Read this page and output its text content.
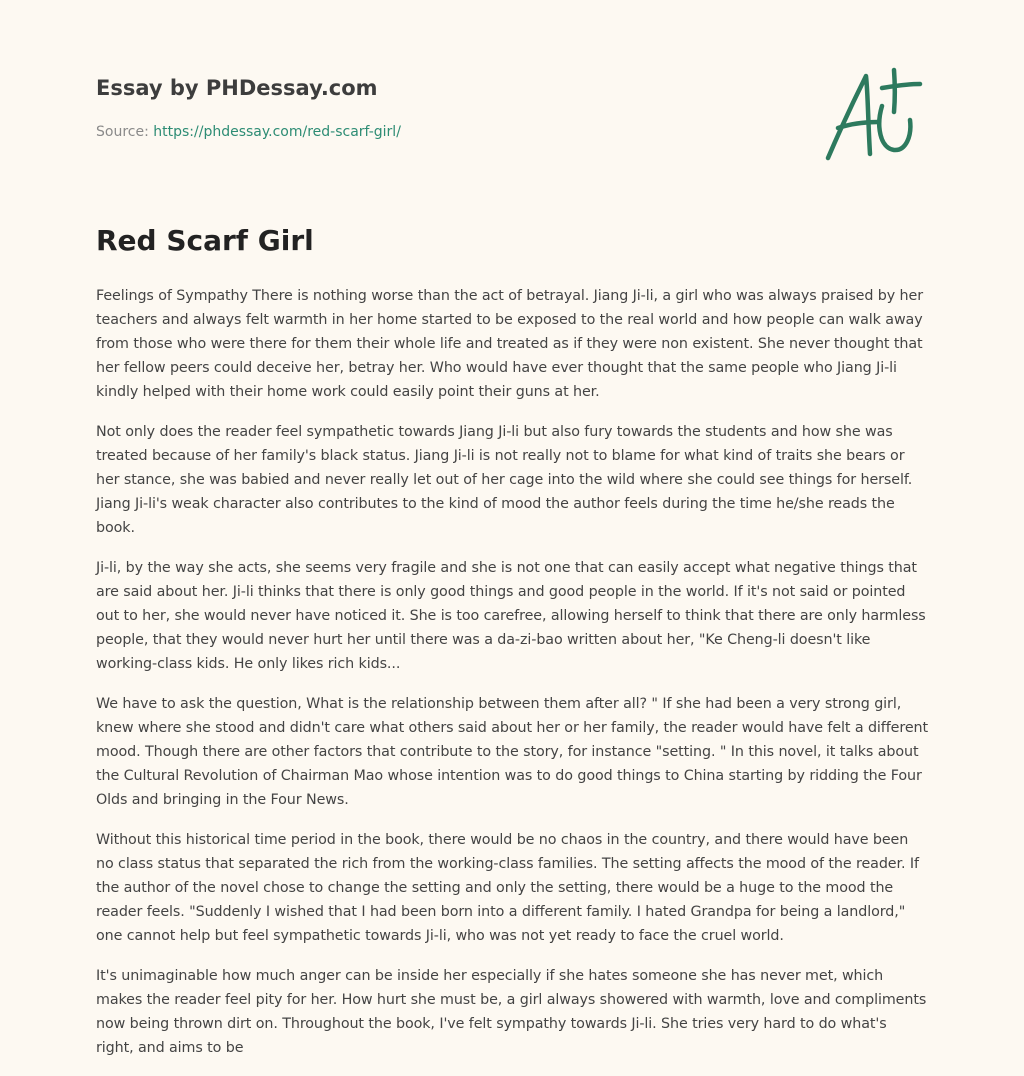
Essay by PHDessay.com
Source: https://phdessay.com/red-scarf-girl/
Red Scarf Girl

Feelings of Sympathy There is nothing worse than the act of betrayal. Jiang Ji-li, a girl who was always praised by her teachers and always felt warmth in her home started to be exposed to the real world and how people can walk away from those who were there for them their whole life and treated as if they were non existent. She never thought that her fellow peers could deceive her, betray her. Who would have ever thought that the same people who Jiang Ji-li kindly helped with their home work could easily point their guns at her.

Not only does the reader feel sympathetic towards Jiang Ji-li but also fury towards the students and how she was treated because of her family's black status. Jiang Ji-li is not really not to blame for what kind of traits she bears or her stance, she was babied and never really let out of her cage into the wild where she could see things for herself. Jiang Ji-li's weak character also contributes to the kind of mood the author feels during the time he/she reads the book.

Ji-li, by the way she acts, she seems very fragile and she is not one that can easily accept what negative things that are said about her. Ji-li thinks that there is only good things and good people in the world. If it's not said or pointed out to her, she would never have noticed it. She is too carefree, allowing herself to think that there are only harmless people, that they would never hurt her until there was a da-zi-bao written about her, "Ke Cheng-li doesn't like working-class kids. He only likes rich kids...

We have to ask the question, What is the relationship between them after all? " If she had been a very strong girl, knew where she stood and didn't care what others said about her or her family, the reader would have felt a different mood. Though there are other factors that contribute to the story, for instance "setting. " In this novel, it talks about the Cultural Revolution of Chairman Mao whose intention was to do good things to China starting by ridding the Four Olds and bringing in the Four News.

Without this historical time period in the book, there would be no chaos in the country, and there would have been no class status that separated the rich from the working-class families. The setting affects the mood of the reader. If the author of the novel chose to change the setting and only the setting, there would be a huge to the mood the reader feels. "Suddenly I wished that I had been born into a different family. I hated Grandpa for being a landlord," one cannot help but feel sympathetic towards Ji-li, who was not yet ready to face the cruel world.

It's unimaginable how much anger can be inside her especially if she hates someone she has never met, which makes the reader feel pity for her. How hurt she must be, a girl always showered with warmth, love and compliments now being thrown dirt on. Throughout the book, I've felt sympathy towards Ji-li. She tries very hard to do what's right, and aims to be
